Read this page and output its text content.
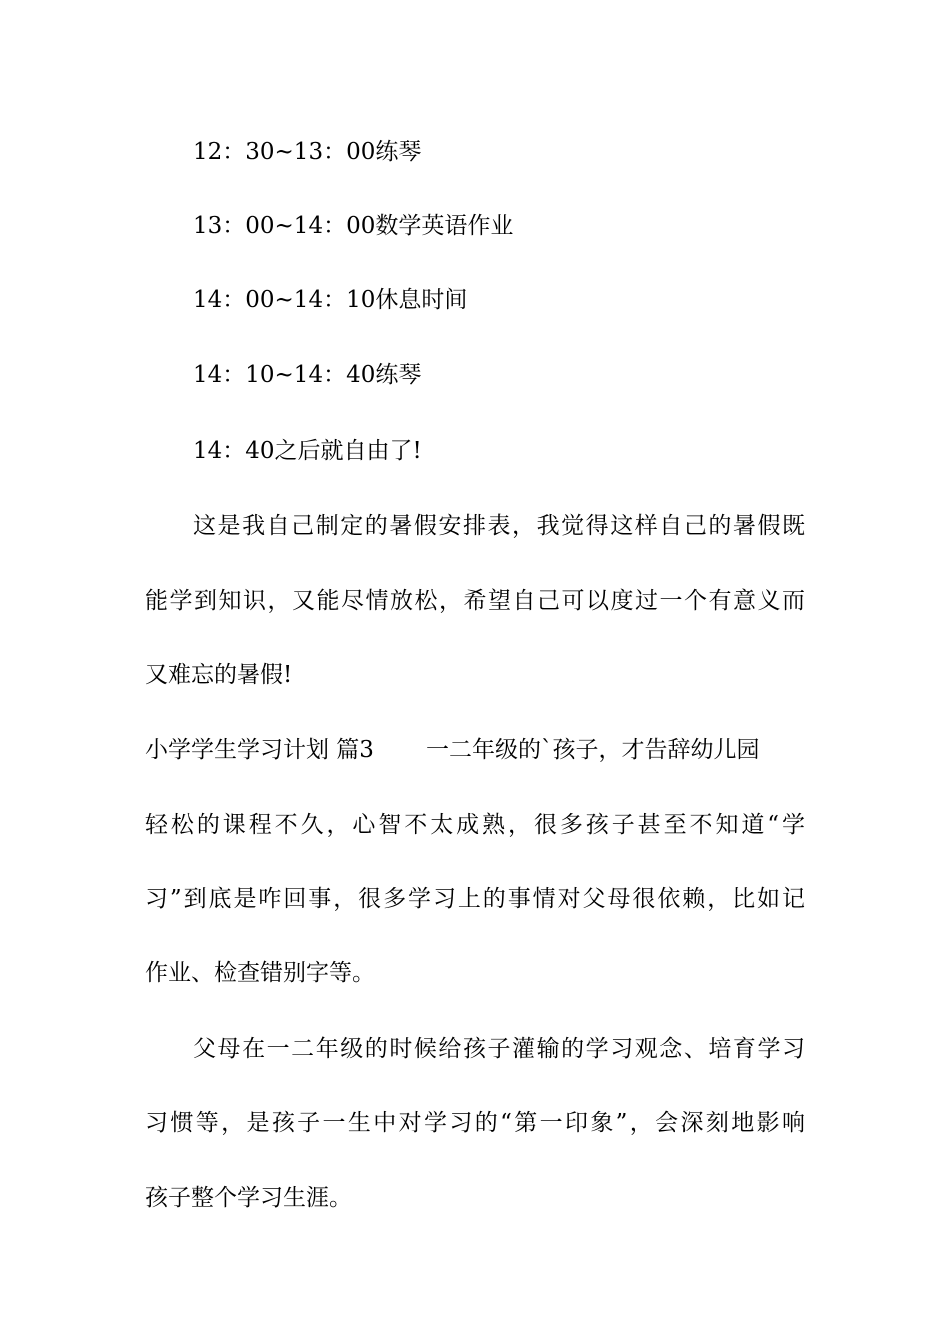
12：30~13：00练琴
13：00~14：00数学英语作业
14：00~14：10休息时间
14：10~14：40练琴
14：40之后就自由了!
这是我自己制定的暑假安排表，我觉得这样自己的暑假既
能学到知识，又能尽情放松，希望自己可以度过一个有意义而
又难忘的暑假!
小学学生学习计划 篇3 一二年级的`孩子，才告辞幼儿园
轻松的课程不久，心智不太成熟，很多孩子甚至不知道“学
习”到底是咋回事，很多学习上的事情对父母很依赖，比如记
作业、检查错别字等。
父母在一二年级的时候给孩子灌输的学习观念、培育学习
习惯等，是孩子一生中对学习的“第一印象”，会深刻地影响
孩子整个学习生涯。
